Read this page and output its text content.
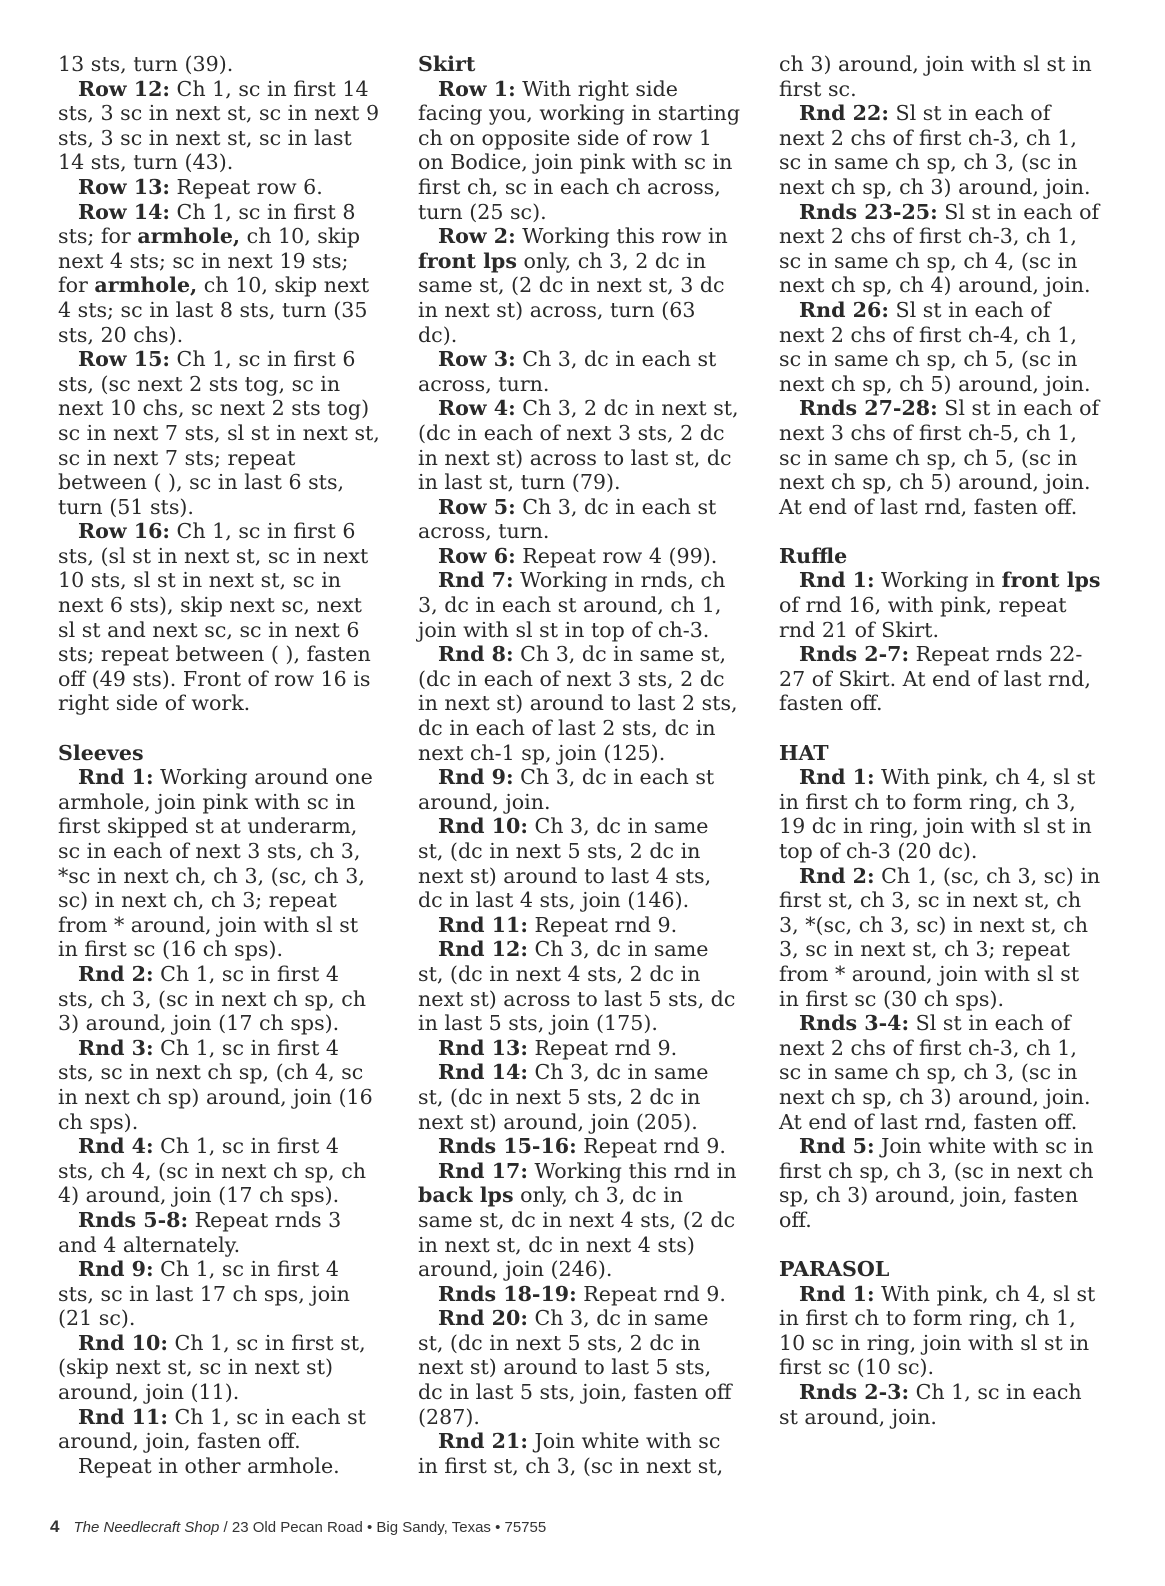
13 sts, turn (39).

Row 12: Ch 1, sc in first 14 sts, 3 sc in next st, sc in next 9 sts, 3 sc in next st, sc in last 14 sts, turn (43).

Row 13: Repeat row 6.

Row 14: Ch 1, sc in first 8 sts; for armhole, ch 10, skip next 4 sts; sc in next 19 sts; for armhole, ch 10, skip next 4 sts; sc in last 8 sts, turn (35 sts, 20 chs).

Row 15: Ch 1, sc in first 6 sts, (sc next 2 sts tog, sc in next 10 chs, sc next 2 sts tog) sc in next 7 sts, sl st in next st, sc in next 7 sts; repeat between ( ), sc in last 6 sts, turn (51 sts).

Row 16: Ch 1, sc in first 6 sts, (sl st in next st, sc in next 10 sts, sl st in next st, sc in next 6 sts), skip next sc, next sl st and next sc, sc in next 6 sts; repeat between ( ), fasten off (49 sts). Front of row 16 is right side of work.

Sleeves

Rnd 1: Working around one armhole, join pink with sc in first skipped st at underarm, sc in each of next 3 sts, ch 3, *sc in next ch, ch 3, (sc, ch 3, sc) in next ch, ch 3; repeat from * around, join with sl st in first sc (16 ch sps).

Rnd 2: Ch 1, sc in first 4 sts, ch 3, (sc in next ch sp, ch 3) around, join (17 ch sps).

Rnd 3: Ch 1, sc in first 4 sts, sc in next ch sp, (ch 4, sc in next ch sp) around, join (16 ch sps).

Rnd 4: Ch 1, sc in first 4 sts, ch 4, (sc in next ch sp, ch 4) around, join (17 ch sps).

Rnds 5-8: Repeat rnds 3 and 4 alternately.

Rnd 9: Ch 1, sc in first 4 sts, sc in last 17 ch sps, join (21 sc).

Rnd 10: Ch 1, sc in first st, (skip next st, sc in next st) around, join (11).

Rnd 11: Ch 1, sc in each st around, join, fasten off.

Repeat in other armhole.

Skirt

Row 1: With right side facing you, working in starting ch on opposite side of row 1 on Bodice, join pink with sc in first ch, sc in each ch across, turn (25 sc).

Row 2: Working this row in front lps only, ch 3, 2 dc in same st, (2 dc in next st, 3 dc in next st) across, turn (63 dc).

Row 3: Ch 3, dc in each st across, turn.

Row 4: Ch 3, 2 dc in next st, (dc in each of next 3 sts, 2 dc in next st) across to last st, dc in last st, turn (79).

Row 5: Ch 3, dc in each st across, turn.

Row 6: Repeat row 4 (99).

Rnd 7: Working in rnds, ch 3, dc in each st around, ch 1, join with sl st in top of ch-3.

Rnd 8: Ch 3, dc in same st, (dc in each of next 3 sts, 2 dc in next st) around to last 2 sts, dc in each of last 2 sts, dc in next ch-1 sp, join (125).

Rnd 9: Ch 3, dc in each st around, join.

Rnd 10: Ch 3, dc in same st, (dc in next 5 sts, 2 dc in next st) around to last 4 sts, dc in last 4 sts, join (146).

Rnd 11: Repeat rnd 9.

Rnd 12: Ch 3, dc in same st, (dc in next 4 sts, 2 dc in next st) across to last 5 sts, dc in last 5 sts, join (175).

Rnd 13: Repeat rnd 9.

Rnd 14: Ch 3, dc in same st, (dc in next 5 sts, 2 dc in next st) around, join (205).

Rnds 15-16: Repeat rnd 9.

Rnd 17: Working this rnd in back lps only, ch 3, dc in same st, dc in next 4 sts, (2 dc in next st, dc in next 4 sts) around, join (246).

Rnds 18-19: Repeat rnd 9.

Rnd 20: Ch 3, dc in same st, (dc in next 5 sts, 2 dc in next st) around to last 5 sts, dc in last 5 sts, join, fasten off (287).

Rnd 21: Join white with sc in first st, ch 3, (sc in next st,

ch 3) around, join with sl st in first sc.

Rnd 22: Sl st in each of next 2 chs of first ch-3, ch 1, sc in same ch sp, ch 3, (sc in next ch sp, ch 3) around, join.

Rnds 23-25: Sl st in each of next 2 chs of first ch-3, ch 1, sc in same ch sp, ch 4, (sc in next ch sp, ch 4) around, join.

Rnd 26: Sl st in each of next 2 chs of first ch-4, ch 1, sc in same ch sp, ch 5, (sc in next ch sp, ch 5) around, join.

Rnds 27-28: Sl st in each of next 3 chs of first ch-5, ch 1, sc in same ch sp, ch 5, (sc in next ch sp, ch 5) around, join. At end of last rnd, fasten off.

Ruffle

Rnd 1: Working in front lps of rnd 16, with pink, repeat rnd 21 of Skirt.

Rnds 2-7: Repeat rnds 22-27 of Skirt. At end of last rnd, fasten off.

HAT

Rnd 1: With pink, ch 4, sl st in first ch to form ring, ch 3, 19 dc in ring, join with sl st in top of ch-3 (20 dc).

Rnd 2: Ch 1, (sc, ch 3, sc) in first st, ch 3, sc in next st, ch 3, *(sc, ch 3, sc) in next st, ch 3, sc in next st, ch 3; repeat from * around, join with sl st in first sc (30 ch sps).

Rnds 3-4: Sl st in each of next 2 chs of first ch-3, ch 1, sc in same ch sp, ch 3, (sc in next ch sp, ch 3) around, join. At end of last rnd, fasten off.

Rnd 5: Join white with sc in first ch sp, ch 3, (sc in next ch sp, ch 3) around, join, fasten off.

PARASOL

Rnd 1: With pink, ch 4, sl st in first ch to form ring, ch 1, 10 sc in ring, join with sl st in first sc (10 sc).

Rnds 2-3: Ch 1, sc in each st around, join.

4 The Needlecraft Shop / 23 Old Pecan Road • Big Sandy, Texas • 75755
